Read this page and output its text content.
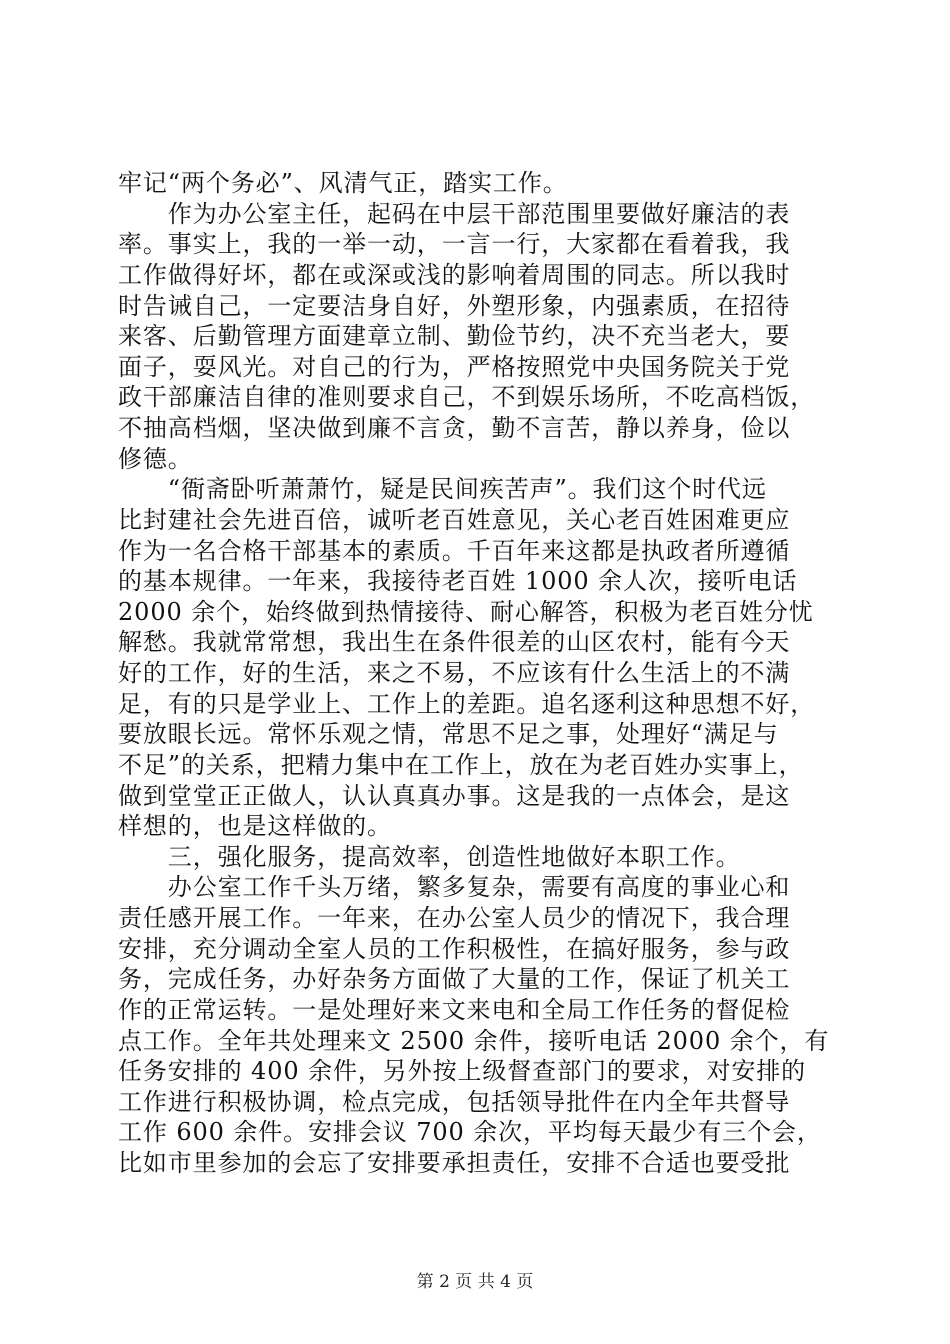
牢记“两个务必”、风清气正，踏实工作。
　　作为办公室主任，起码在中层干部范围里要做好廉洁的表
率。事实上，我的一举一动，一言一行，大家都在看着我，我
工作做得好坏，都在或深或浅的影响着周围的同志。所以我时
时告诫自己，一定要洁身自好，外塑形象，内强素质，在招待
来客、后勤管理方面建章立制、勤俭节约，决不充当老大，要
面子，耍风光。对自己的行为，严格按照党中央国务院关于党
政干部廉洁自律的准则要求自己，不到娱乐场所，不吃高档饭，
不抽高档烟，坚决做到廉不言贪，勤不言苦，静以养身，俭以
修德。
　　“衙斋卧听萧萧竹，疑是民间疾苦声”。我们这个时代远
比封建社会先进百倍，诚听老百姓意见，关心老百姓困难更应
作为一名合格干部基本的素质。千百年来这都是执政者所遵循
的基本规律。一年来，我接待老百姓 1000 余人次，接听电话
2000 余个，始终做到热情接待、耐心解答，积极为老百姓分忧
解愁。我就常常想，我出生在条件很差的山区农村，能有今天
好的工作，好的生活，来之不易，不应该有什么生活上的不满
足，有的只是学业上、工作上的差距。追名逐利这种思想不好，
要放眼长远。常怀乐观之情，常思不足之事，处理好“满足与
不足”的关系，把精力集中在工作上，放在为老百姓办实事上，
做到堂堂正正做人，认认真真办事。这是我的一点体会，是这
样想的，也是这样做的。
　　三，强化服务，提高效率，创造性地做好本职工作。
　　办公室工作千头万绪，繁多复杂，需要有高度的事业心和
责任感开展工作。一年来，在办公室人员少的情况下，我合理
安排，充分调动全室人员的工作积极性，在搞好服务，参与政
务，完成任务，办好杂务方面做了大量的工作，保证了机关工
作的正常运转。一是处理好来文来电和全局工作任务的督促检
点工作。全年共处理来文 2500 余件，接听电话 2000 余个，有
任务安排的 400 余件，另外按上级督查部门的要求，对安排的
工作进行积极协调，检点完成，包括领导批件在内全年共督导
工作 600 余件。安排会议 700 余次，平均每天最少有三个会，
比如市里参加的会忘了安排要承担责任，安排不合适也要受批
第 2 页 共 4 页
